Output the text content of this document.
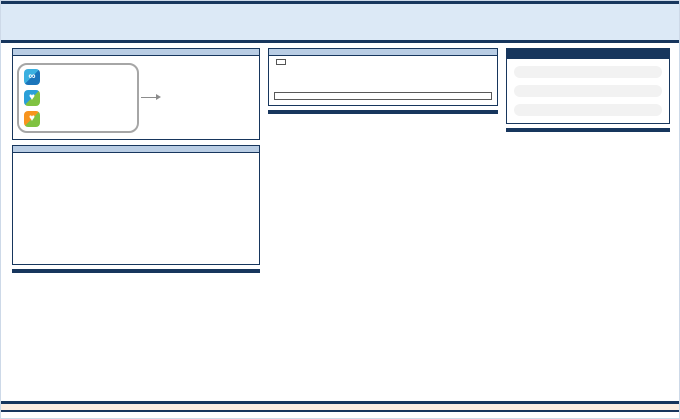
∞
♥
♥
